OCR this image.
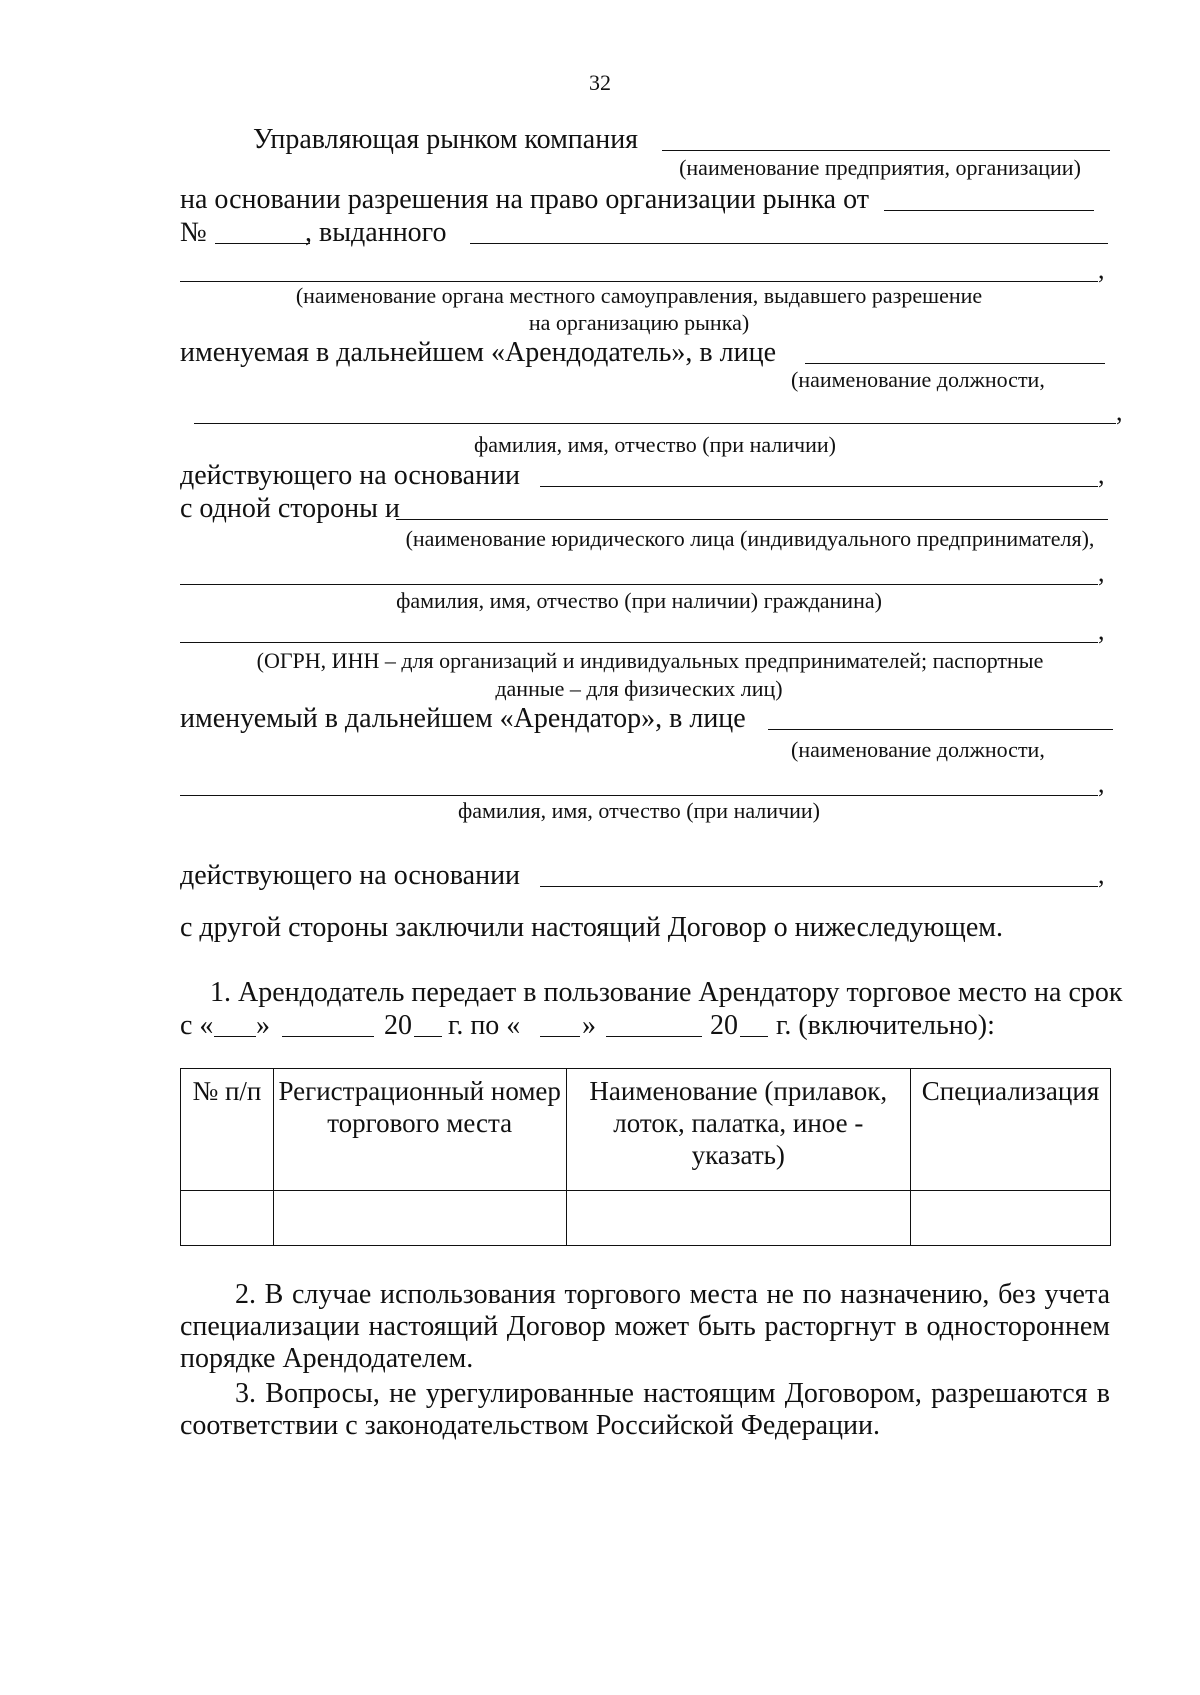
32
Управляющая рынком компания
(наименование предприятия, организации)
на основании разрешения на право организации рынка от
№	, выданного
,
(наименование органа местного самоуправления, выдавшего разрешение
на организацию рынка)
именуемая в дальнейшем «Арендодатель», в лице
(наименование должности,
,
фамилия, имя, отчество (при наличии)
действующего на основании	,
с одной стороны и
(наименование юридического лица (индивидуального предпринимателя),
,
фамилия, имя, отчество (при наличии) гражданина)
,
(ОГРН, ИНН – для организаций и индивидуальных предпринимателей; паспортные
данные – для физических лиц)
именуемый в дальнейшем «Арендатор», в лице
(наименование должности,
,
фамилия, имя, отчество (при наличии)
действующего на основании	,
с другой стороны заключили настоящий Договор о нижеследующем.
1. Арендодатель передает в пользование Арендатору торговое место на срок
с « »	20 г. по « »	20 г. (включительно):
№ п/п	Регистрационный номер торгового места	Наименование (прилавок, лоток, палатка, иное - указать)	Специализация

2. В случае использования торгового места не по назначению, без учета специализации настоящий Договор может быть расторгнут в одностороннем порядке Арендодателем.
3. Вопросы, не урегулированные настоящим Договором, разрешаются в соответствии с законодательством Российской Федерации.
